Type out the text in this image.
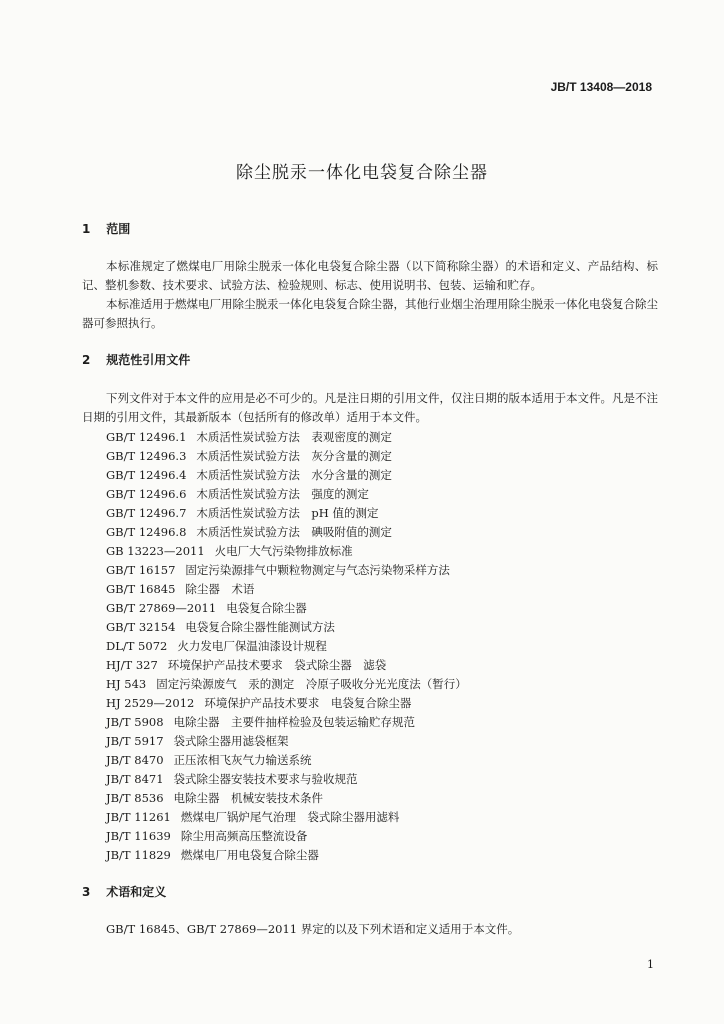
JB/T 13408—2018
除尘脱汞一体化电袋复合除尘器
1 范围
本标准规定了燃煤电厂用除尘脱汞一体化电袋复合除尘器（以下简称除尘器）的术语和定义、产品结构、标记、整机参数、技术要求、试验方法、检验规则、标志、使用说明书、包装、运输和贮存。
本标准适用于燃煤电厂用除尘脱汞一体化电袋复合除尘器，其他行业烟尘治理用除尘脱汞一体化电袋复合除尘器可参照执行。
2 规范性引用文件
下列文件对于本文件的应用是必不可少的。凡是注日期的引用文件，仅注日期的版本适用于本文件。凡是不注日期的引用文件，其最新版本（包括所有的修改单）适用于本文件。
GB/T 12496.1 木质活性炭试验方法　表观密度的测定
GB/T 12496.3 木质活性炭试验方法　灰分含量的测定
GB/T 12496.4 木质活性炭试验方法　水分含量的测定
GB/T 12496.6 木质活性炭试验方法　强度的测定
GB/T 12496.7 木质活性炭试验方法　pH 值的测定
GB/T 12496.8 木质活性炭试验方法　碘吸附值的测定
GB 13223—2011 火电厂大气污染物排放标准
GB/T 16157 固定污染源排气中颗粒物测定与气态污染物采样方法
GB/T 16845 除尘器　术语
GB/T 27869—2011 电袋复合除尘器
GB/T 32154 电袋复合除尘器性能测试方法
DL/T 5072 火力发电厂保温油漆设计规程
HJ/T 327 环境保护产品技术要求　袋式除尘器　滤袋
HJ 543 固定污染源废气　汞的测定　冷原子吸收分光光度法（暂行）
HJ 2529—2012 环境保护产品技术要求　电袋复合除尘器
JB/T 5908 电除尘器　主要件抽样检验及包装运输贮存规范
JB/T 5917 袋式除尘器用滤袋框架
JB/T 8470 正压浓相飞灰气力输送系统
JB/T 8471 袋式除尘器安装技术要求与验收规范
JB/T 8536 电除尘器　机械安装技术条件
JB/T 11261 燃煤电厂锅炉尾气治理　袋式除尘器用滤料
JB/T 11639 除尘用高频高压整流设备
JB/T 11829 燃煤电厂用电袋复合除尘器
3 术语和定义
GB/T 16845、GB/T 27869—2011 界定的以及下列术语和定义适用于本文件。
1
